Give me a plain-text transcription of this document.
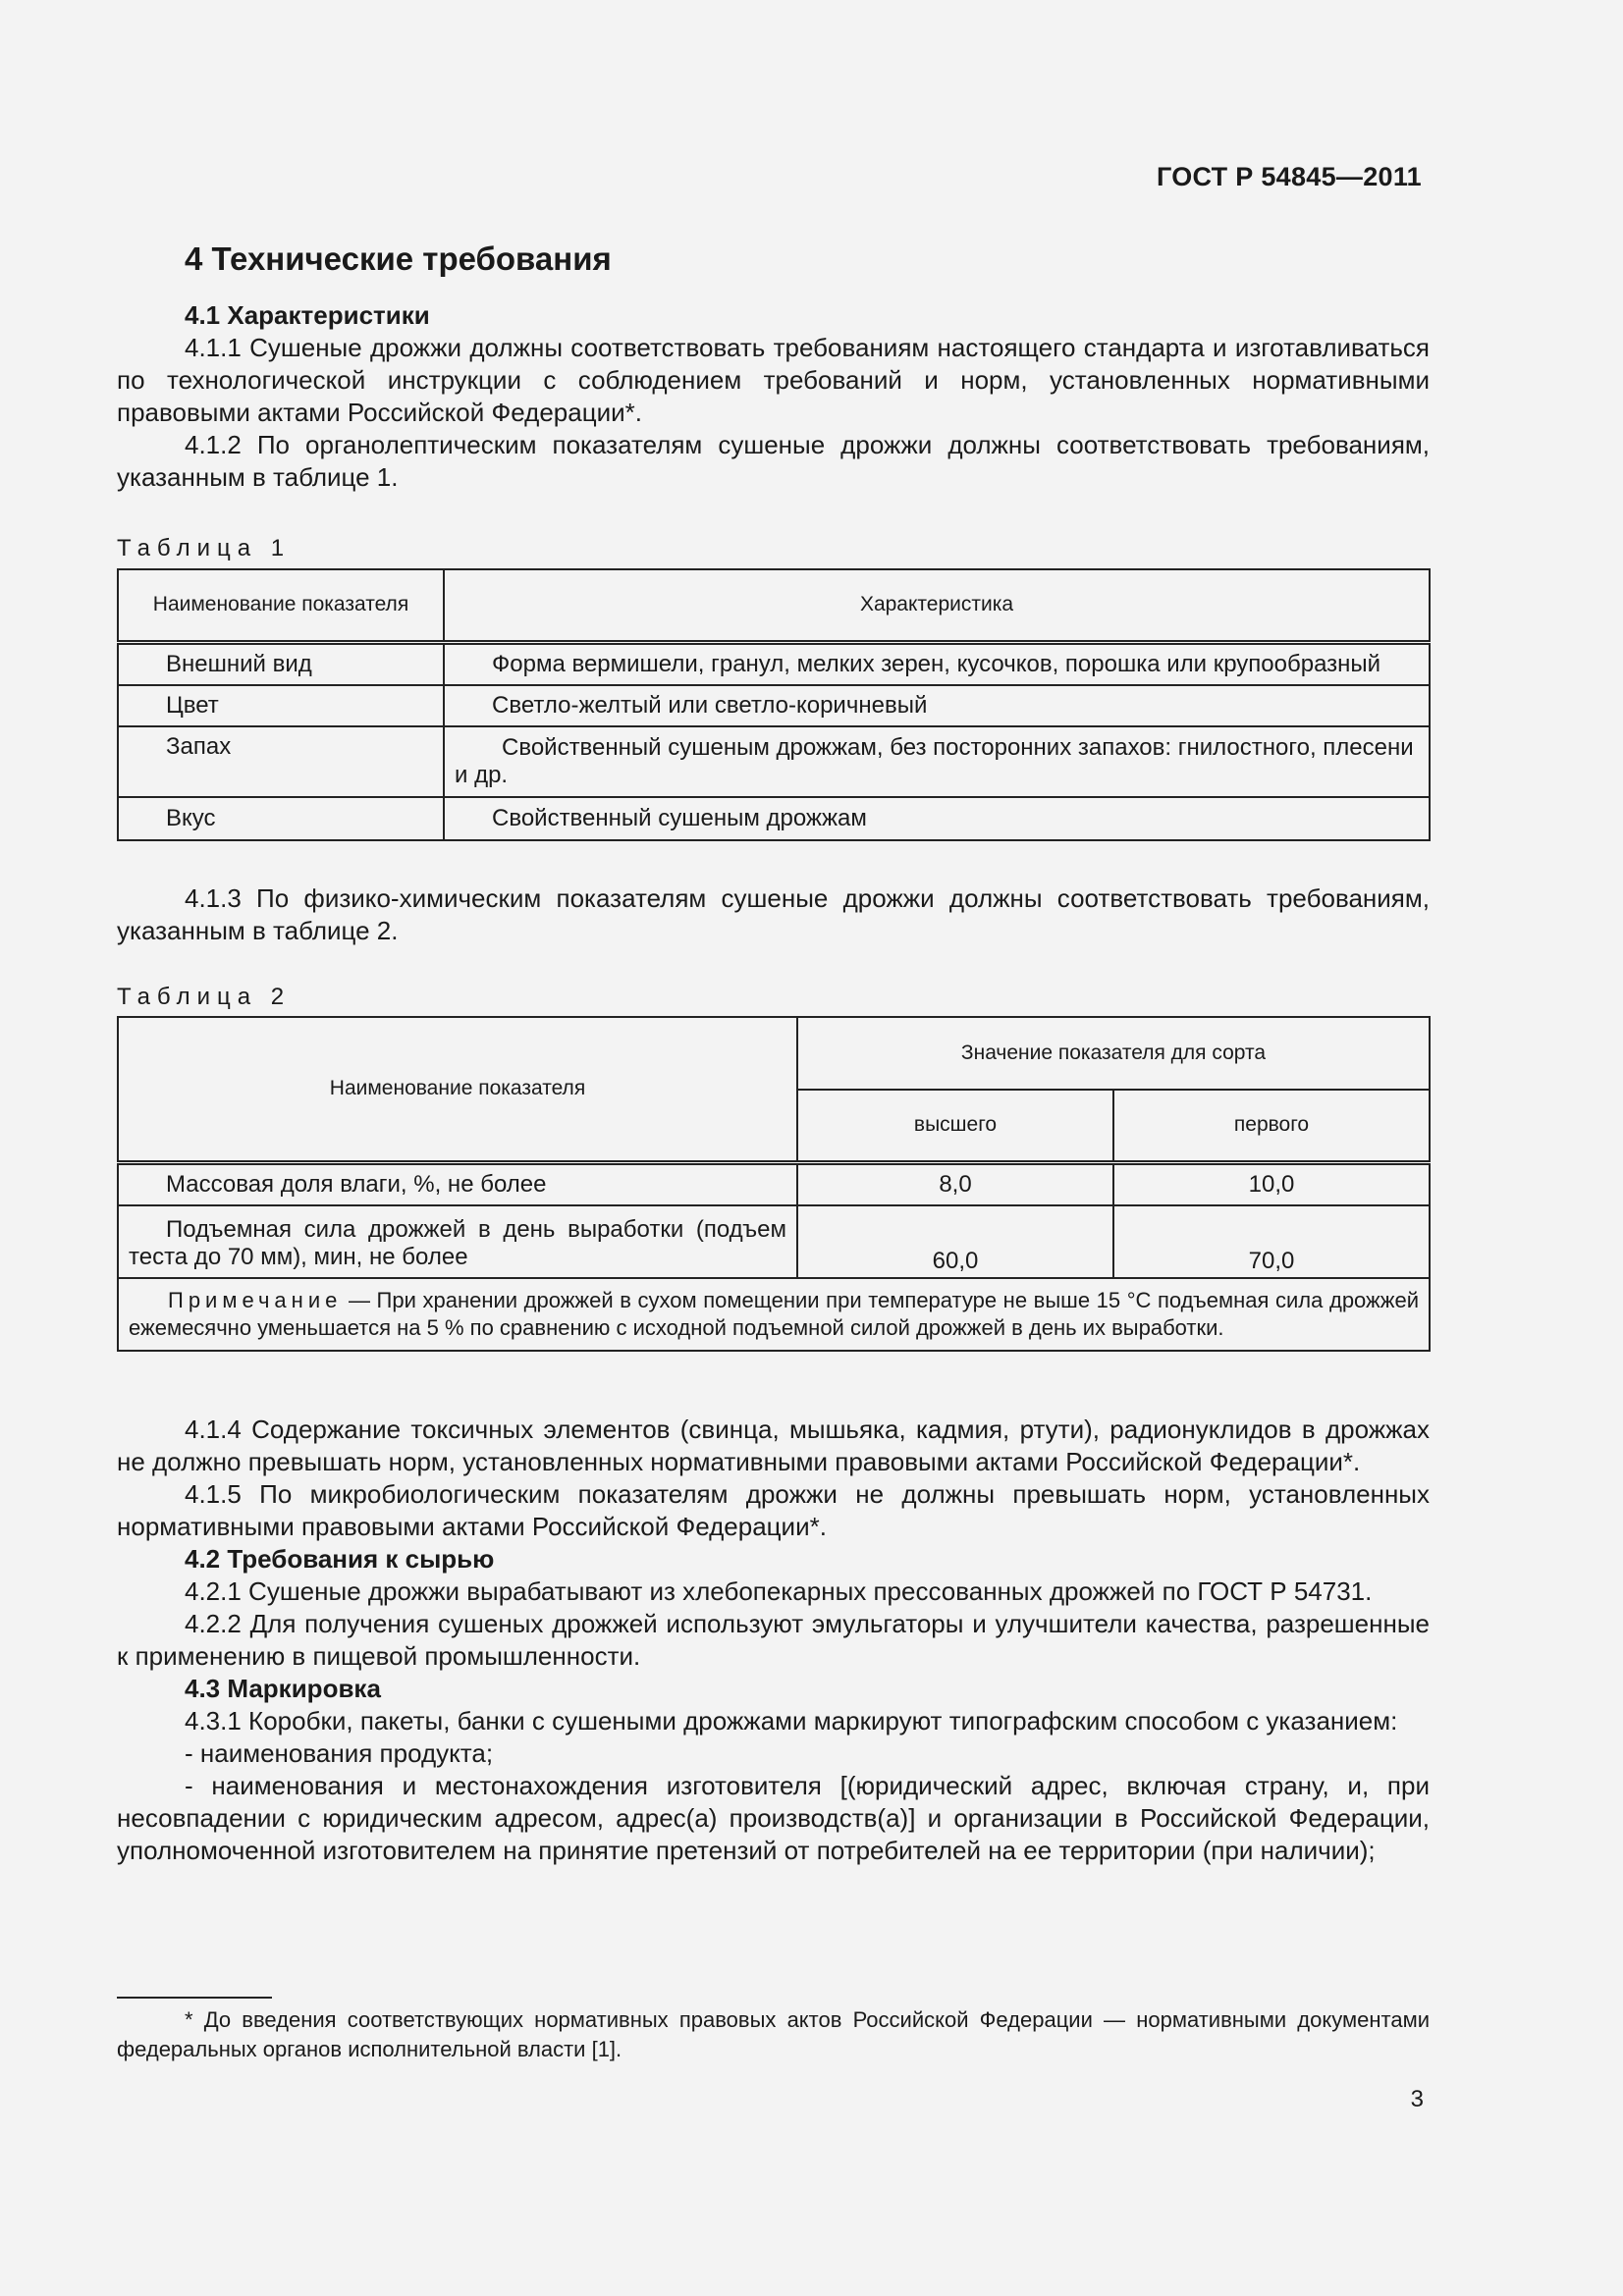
ГОСТ Р 54845—2011
4 Технические требования

4.1 Характеристики

4.1.1 Сушеные дрожжи должны соответствовать требованиям настоящего стандарта и изготавливаться по технологической инструкции с соблюдением требований и норм, установленных нормативными правовыми актами Российской Федерации*.

4.1.2 По органолептическим показателям сушеные дрожжи должны соответствовать требованиям, указанным в таблице 1.

Таблица 1
Наименование показателя	Характеристика
Внешний вид	Форма вермишели, гранул, мелких зерен, кусочков, порошка или крупообразный
Цвет	Светло-желтый или светло-коричневый
Запах	Свойственный сушеным дрожжам, без посторонних запахов: гнилостного, плесени и др.
Вкус	Свойственный сушеным дрожжам

4.1.3 По физико-химическим показателям сушеные дрожжи должны соответствовать требованиям, указанным в таблице 2.

Таблица 2
Наименование показателя	Значение показателя для сорта	
	высшего	первого
Массовая доля влаги, %, не более	8,0	10,0
Подъемная сила дрожжей в день выработки (подъем теста до 70 мм), мин, не более	60,0	70,0
Примечание — При хранении дрожжей в сухом помещении при температуре не выше 15 °С подъемная сила дрожжей ежемесячно уменьшается на 5 % по сравнению с исходной подъемной силой дрожжей в день их выработки.		

4.1.4 Содержание токсичных элементов (свинца, мышьяка, кадмия, ртути), радионуклидов в дрожжах не должно превышать норм, установленных нормативными правовыми актами Российской Федерации*.

4.1.5 По микробиологическим показателям дрожжи не должны превышать норм, установленных нормативными правовыми актами Российской Федерации*.

4.2 Требования к сырью

4.2.1 Сушеные дрожжи вырабатывают из хлебопекарных прессованных дрожжей по ГОСТ Р 54731.

4.2.2 Для получения сушеных дрожжей используют эмульгаторы и улучшители качества, разрешенные к применению в пищевой промышленности.

4.3 Маркировка

4.3.1 Коробки, пакеты, банки с сушеными дрожжами маркируют типографским способом с указанием:

- наименования продукта;

- наименования и местонахождения изготовителя [(юридический адрес, включая страну, и, при несовпадении с юридическим адресом, адрес(а) производств(а)] и организации в Российской Федерации, уполномоченной изготовителем на принятие претензий от потребителей на ее территории (при наличии);

* До введения соответствующих нормативных правовых актов Российской Федерации — нормативными документами федеральных органов исполнительной власти [1].

3
